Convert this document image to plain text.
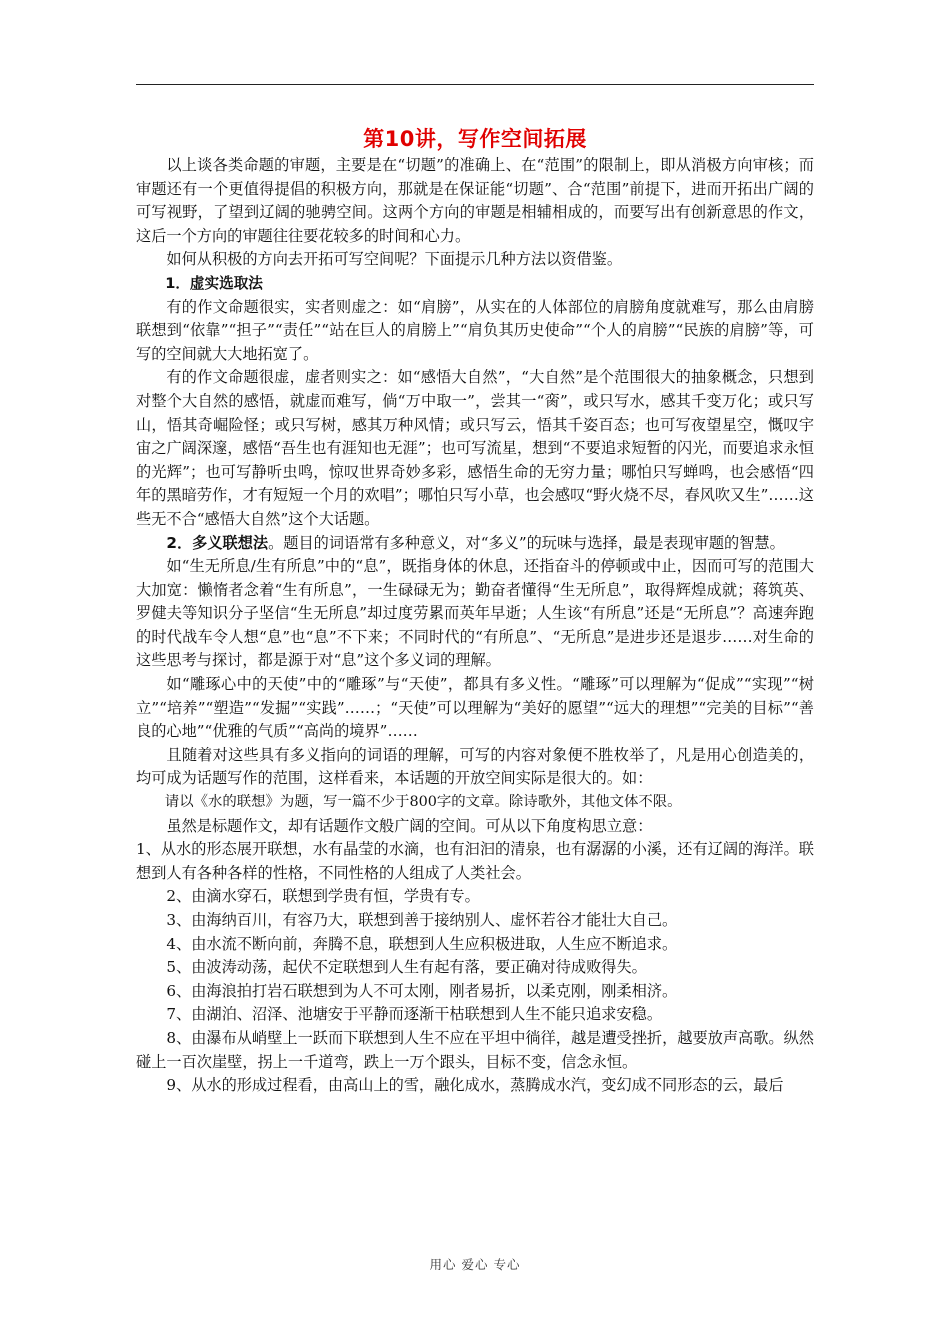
第10讲，写作空间拓展

以上谈各类命题的审题，主要是在“切题”的准确上、在“范围”的限制上，即从消极方向审核；而审题还有一个更值得提倡的积极方向，那就是在保证能“切题”、合“范围”前提下，进而开拓出广阔的可写视野，了望到辽阔的驰骋空间。这两个方向的审题是相辅相成的，而要写出有创新意思的作文，这后一个方向的审题往往要花较多的时间和心力。

如何从积极的方向去开拓可写空间呢？下面提示几种方法以资借鉴。

1．虚实选取法

有的作文命题很实，实者则虚之：如“肩膀”，从实在的人体部位的肩膀角度就难写，那么由肩膀联想到“依靠”“担子”“责任”“站在巨人的肩膀上”“肩负其历史使命”“个人的肩膀”“民族的肩膀”等，可写的空间就大大地拓宽了。

有的作文命题很虚，虚者则实之：如“感悟大自然”，“大自然”是个范围很大的抽象概念，只想到对整个大自然的感悟，就虚而难写，倘“万中取一”，尝其一“脔”，或只写水，感其千变万化；或只写山，悟其奇崛险怪；或只写树，感其万种风情；或只写云，悟其千姿百态；也可写夜望星空，慨叹宇宙之广阔深邃，感悟“吾生也有涯知也无涯”；也可写流星，想到“不要追求短暂的闪光，而要追求永恒的光辉”；也可写静听虫鸣，惊叹世界奇妙多彩，感悟生命的无穷力量；哪怕只写蝉鸣，也会感悟“四年的黑暗劳作，才有短短一个月的欢唱”；哪怕只写小草，也会感叹“野火烧不尽，春风吹又生”……这些无不合“感悟大自然”这个大话题。

2．多义联想法。题目的词语常有多种意义，对“多义”的玩味与选择，最是表现审题的智慧。

如“生无所息/生有所息”中的“息”，既指身体的休息，还指奋斗的停顿或中止，因而可写的范围大大加宽：懒惰者念着“生有所息”，一生碌碌无为；勤奋者懂得“生无所息”，取得辉煌成就；蒋筑英、罗健夫等知识分子坚信“生无所息”却过度劳累而英年早逝；人生该“有所息”还是“无所息”？高速奔跑的时代战车令人想“息”也“息”不下来；不同时代的“有所息”、“无所息”是进步还是退步……对生命的这些思考与探讨，都是源于对“息”这个多义词的理解。

如“雕琢心中的天使”中的“雕琢”与“天使”，都具有多义性。“雕琢”可以理解为“促成”“实现”“树立”“培养”“塑造”“发掘”“实践”……；“天使”可以理解为“美好的愿望”“远大的理想”“完美的目标”“善良的心地”“优雅的气质”“高尚的境界”……

且随着对这些具有多义指向的词语的理解，可写的内容对象便不胜枚举了，凡是用心创造美的，均可成为话题写作的范围，这样看来，本话题的开放空间实际是很大的。如：

请以《水的联想》为题，写一篇不少于800字的文章。除诗歌外，其他文体不限。

虽然是标题作文，却有话题作文般广阔的空间。可从以下角度构思立意：

1、从水的形态展开联想，水有晶莹的水滴，也有汩汩的清泉，也有潺潺的小溪，还有辽阔的海洋。联想到人有各种各样的性格，不同性格的人组成了人类社会。

2、由滴水穿石，联想到学贵有恒，学贵有专。

3、由海纳百川，有容乃大，联想到善于接纳别人、虚怀若谷才能壮大自己。

4、由水流不断向前，奔腾不息，联想到人生应积极进取，人生应不断追求。

5、由波涛动荡，起伏不定联想到人生有起有落，要正确对待成败得失。

6、由海浪拍打岩石联想到为人不可太刚，刚者易折，以柔克刚，刚柔相济。

7、由湖泊、沼泽、池塘安于平静而逐渐干枯联想到人生不能只追求安稳。

8、由瀑布从峭壁上一跃而下联想到人生不应在平坦中徜徉，越是遭受挫折，越要放声高歌。纵然碰上一百次崖壁，拐上一千道弯，跌上一万个跟头，目标不变，信念永恒。

9、从水的形成过程看，由高山上的雪，融化成水，蒸腾成水汽，变幻成不同形态的云，最后

用心 爱心 专心
